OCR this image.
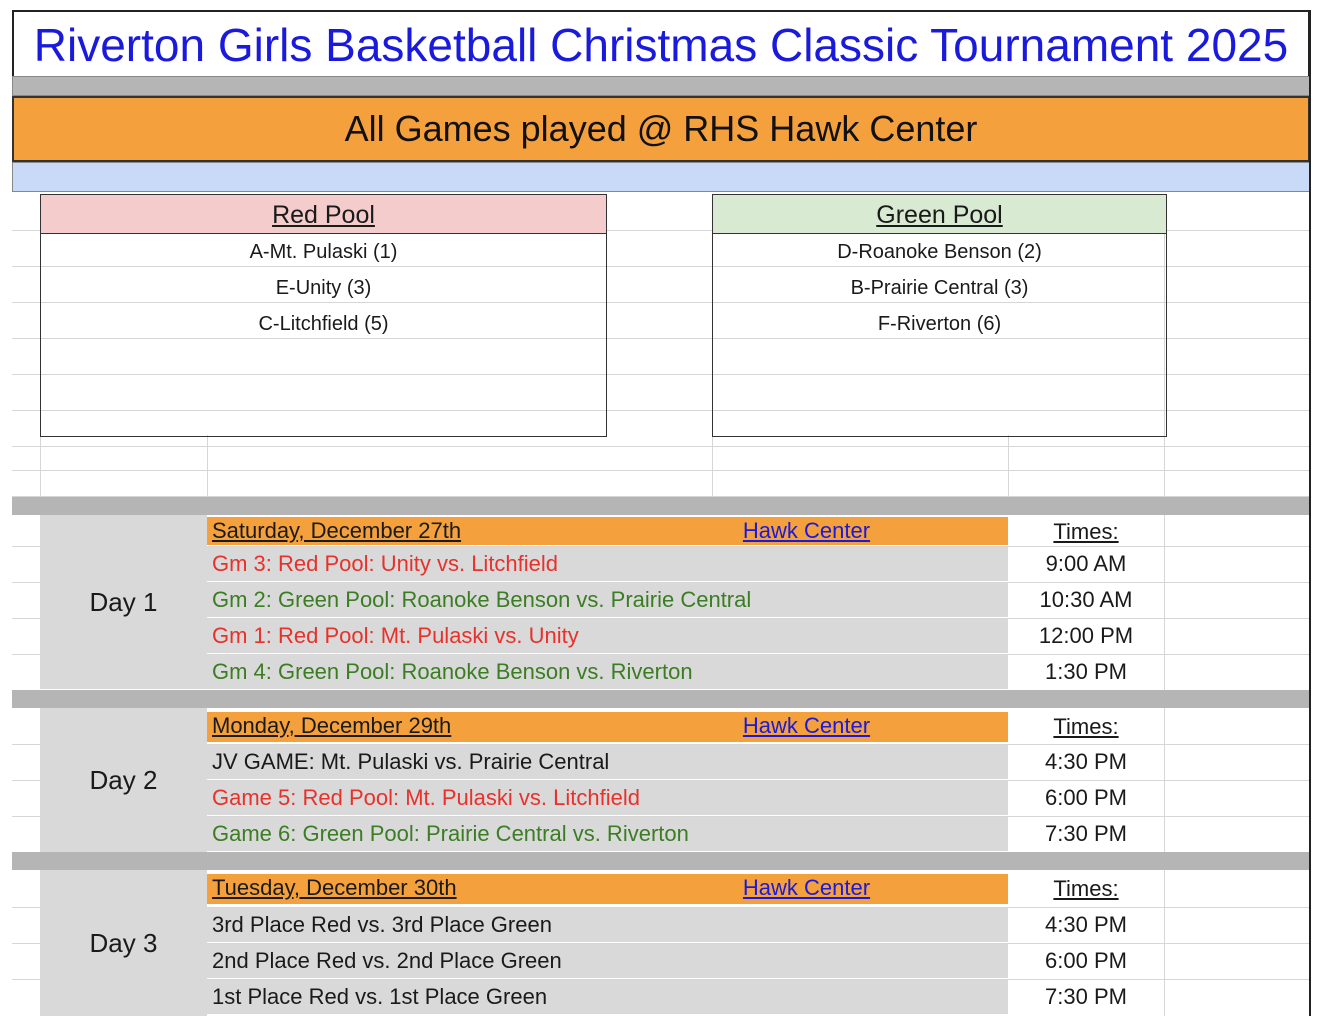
Riverton Girls Basketball Christmas Classic Tournament 2025
All Games played @ RHS Hawk Center
Red Pool
A-Mt. Pulaski (1)
E-Unity (3)
C-Litchfield (5)
Green Pool
D-Roanoke Benson (2)
B-Prairie Central (3)
F-Riverton (6)
Day 1
Saturday, December 27th	Hawk Center	Times:
Gm 3: Red Pool: Unity vs. Litchfield	9:00 AM
Gm 2: Green Pool: Roanoke Benson vs. Prairie Central	10:30 AM
Gm 1: Red Pool: Mt. Pulaski vs. Unity	12:00 PM
Gm 4: Green Pool: Roanoke Benson vs. Riverton	1:30 PM
Day 2
Monday, December 29th	Hawk Center	Times:
JV GAME: Mt. Pulaski vs. Prairie Central	4:30 PM
Game 5: Red Pool: Mt. Pulaski vs. Litchfield	6:00 PM
Game 6: Green Pool: Prairie Central vs. Riverton	7:30 PM
Day 3
Tuesday, December 30th	Hawk Center	Times:
3rd Place Red vs. 3rd Place Green	4:30 PM
2nd Place Red vs. 2nd Place Green	6:00 PM
1st Place Red vs. 1st Place Green	7:30 PM
